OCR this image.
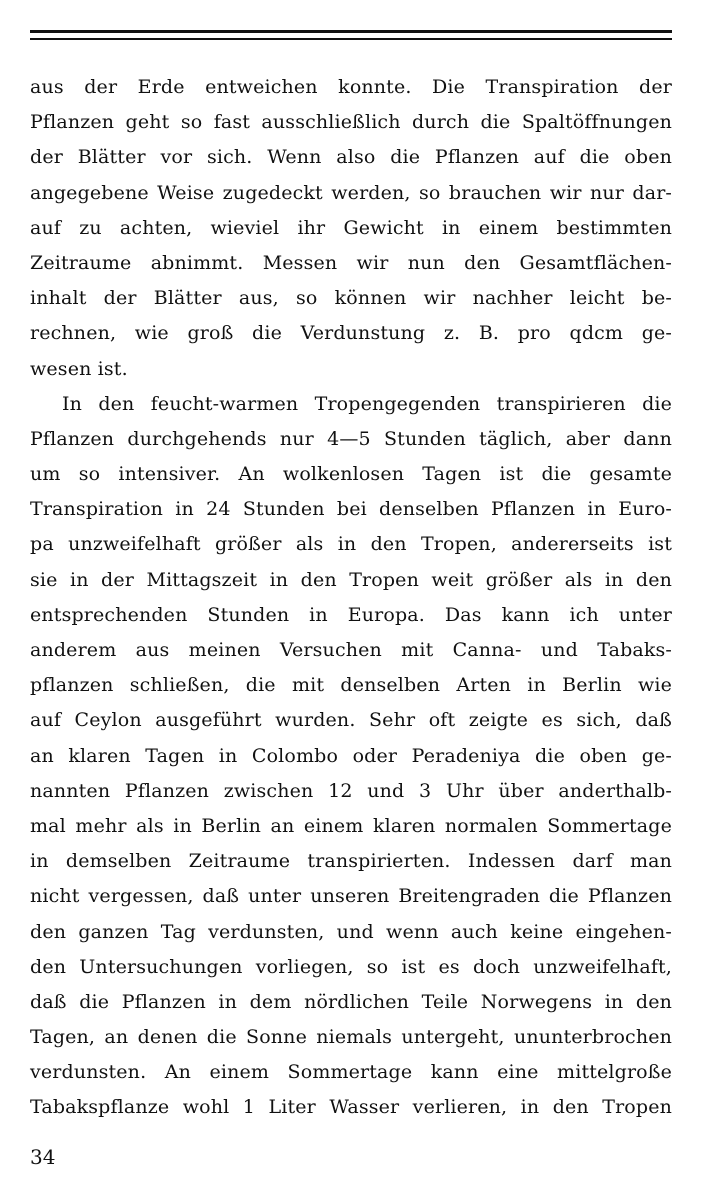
aus der Erde entweichen konnte. Die Transpiration der
Pflanzen geht so fast ausschließlich durch die Spaltöffnungen
der Blätter vor sich. Wenn also die Pflanzen auf die oben
angegebene Weise zugedeckt werden, so brauchen wir nur dar-
auf zu achten, wieviel ihr Gewicht in einem bestimmten
Zeitraume abnimmt. Messen wir nun den Gesamtflächen-
inhalt der Blätter aus, so können wir nachher leicht be-
rechnen, wie groß die Verdunstung z. B. pro qdcm ge-
wesen ist.
In den feucht-warmen Tropengegenden transpirieren die
Pflanzen durchgehends nur 4—5 Stunden täglich, aber dann
um so intensiver. An wolkenlosen Tagen ist die gesamte
Transpiration in 24 Stunden bei denselben Pflanzen in Euro-
pa unzweifelhaft größer als in den Tropen, andererseits ist
sie in der Mittagszeit in den Tropen weit größer als in den
entsprechenden Stunden in Europa. Das kann ich unter
anderem aus meinen Versuchen mit Canna- und Tabaks-
pflanzen schließen, die mit denselben Arten in Berlin wie
auf Ceylon ausgeführt wurden. Sehr oft zeigte es sich, daß
an klaren Tagen in Colombo oder Peradeniya die oben ge-
nannten Pflanzen zwischen 12 und 3 Uhr über anderthalb-
mal mehr als in Berlin an einem klaren normalen Sommertage
in demselben Zeitraume transpirierten. Indessen darf man
nicht vergessen, daß unter unseren Breitengraden die Pflanzen
den ganzen Tag verdunsten, und wenn auch keine eingehen-
den Untersuchungen vorliegen, so ist es doch unzweifelhaft,
daß die Pflanzen in dem nördlichen Teile Norwegens in den
Tagen, an denen die Sonne niemals untergeht, ununterbrochen
verdunsten. An einem Sommertage kann eine mittelgroße
Tabakspflanze wohl 1 Liter Wasser verlieren, in den Tropen
34
